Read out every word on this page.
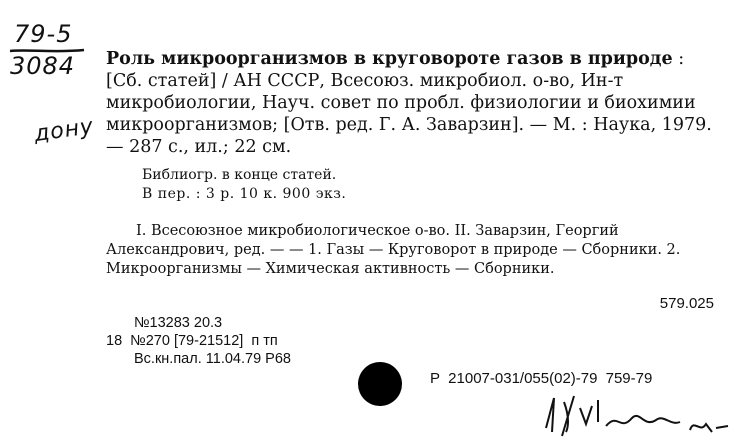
79-5
3084
дону
Роль микроорганизмов в круговороте газов в природе : [Сб. статей] / АН СССР, Всесоюз. микробиол. о-во, Ин-т микробиологии, Науч. совет по пробл. физиологии и биохимии микроорганизмов; [Отв. ред. Г. А. Заварзин]. — М. : Наука, 1979. — 287 с., ил.; 22 см.
Библиогр. в конце статей.
В пер. : 3 р. 10 к. 900 экз.
I. Всесоюзное микробиологическое о-во. II. Заварзин, Георгий Александрович, ред. — — 1. Газы — Круговорот в природе — Сборники. 2. Микроорганизмы — Химическая активность — Сборники.
579.025
№13283 20.3
18  №270 [79-21512]  п тп
Вс.кн.пал. 11.04.79 Р68
Р 21007-031/055(02)-79 759-79
